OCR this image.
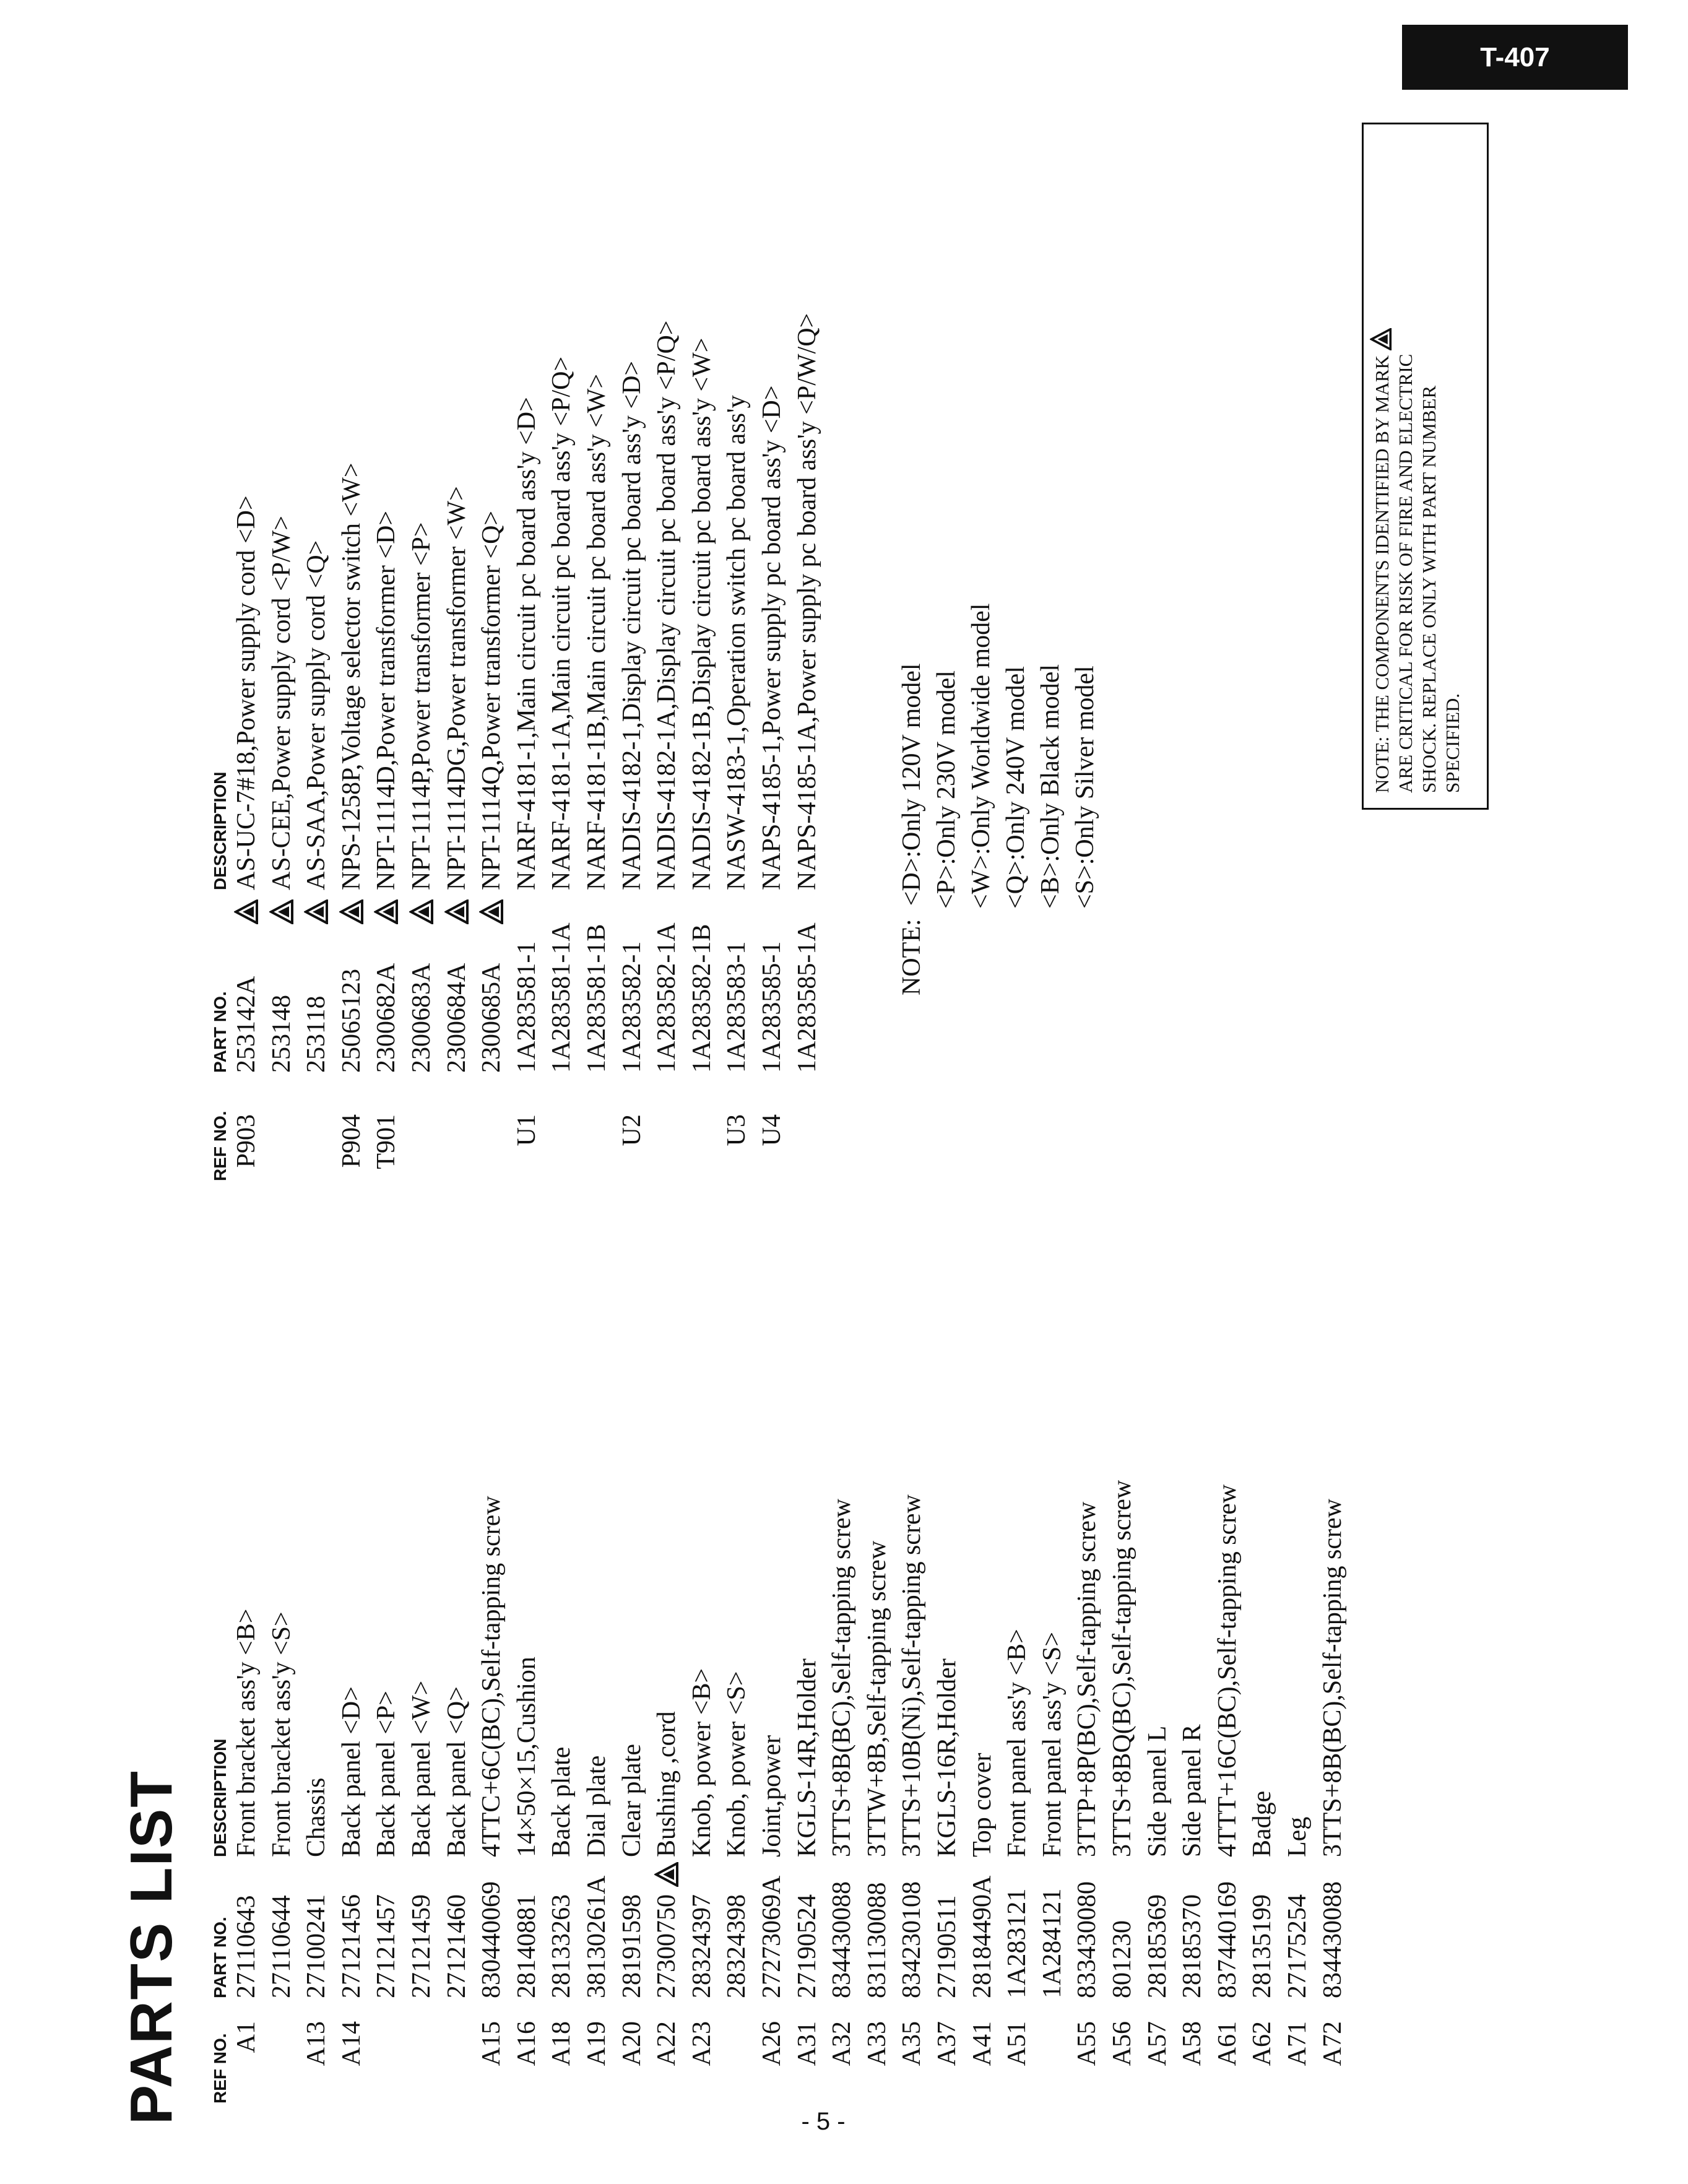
T-407
- 5 -
PARTS LIST REF NO.
PART NO.
DESCRIPTION
REF NO.
PART NO.
DESCRIPTION
A1
27110643
Front bracket ass'y <B>
27110644
Front bracket ass'y <S>
A13
27100241
Chassis
A14
27121456
Back panel <D>
27121457
Back panel <P>
27121459
Back panel <W>
27121460
Back panel <Q>
A15
830440069
4TTC+6C(BC),Self-tapping screw
A16
28140881
14×50×15,Cushion
A18
28133263
Back plate
A19
38130261A
Dial plate
A20
28191598
Clear plate
A22
27300750
Bushing ,cord
A23
28324397
Knob, power <B>
28324398
Knob, power <S>
A26
27273069A
Joint,power
A31
27190524
KGLS-14R,Holder
A32
834430088
3TTS+8B(BC),Self-tapping screw
A33
831130088
3TTW+8B,Self-tapping screw
A35
834230108
3TTS+10B(Ni),Self-tapping screw
A37
27190511
KGLS-16R,Holder
A41
28184490A
Top cover
A51
1A283121
Front panel ass'y <B>
1A284121
Front panel ass'y <S>
A55
833430080
3TTP+8P(BC),Self-tapping screw
A56
801230
3TTS+8BQ(BC),Self-tapping screw
A57
28185369
Side panel L
A58
28185370
Side panel R
A61
837440169
4TTT+16C(BC),Self-tapping screw
A62
28135199
Badge
A71
27175254
Leg
A72
834430088
3TTS+8B(BC),Self-tapping screw
P903
253142A
AS-UC-7#18,Power supply cord <D>
253148
AS-CEE,Power supply cord <P/W>
253118
AS-SAA,Power supply cord <Q>
P904
25065123
NPS-1258P,Voltage selector switch <W>
T901
2300682A
NPT-1114D,Power transformer <D>
2300683A
NPT-1114P,Power transformer <P>
2300684A
NPT-1114DG,Power transformer <W>
2300685A
NPT-1114Q,Power transformer <Q>
U1
1A283581-1
NARF-4181-1,Main circuit pc board ass'y <D>
1A283581-1A
NARF-4181-1A,Main circuit pc board ass'y <P/Q>
1A283581-1B
NARF-4181-1B,Main circuit pc board ass'y <W>
U2
1A283582-1
NADIS-4182-1,Display circuit pc board ass'y <D>
1A283582-1A
NADIS-4182-1A,Display circuit pc board ass'y <P/Q>
1A283582-1B
NADIS-4182-1B,Display circuit pc board ass'y <W>
U3
1A283583-1
NASW-4183-1,Operation switch pc board ass'y
U4
1A283585-1
NAPS-4185-1,Power supply pc board ass'y <D>
1A283585-1A
NAPS-4185-1A,Power supply pc board ass'y <P/W/Q>
NOTE:  <D>:Only 120V model <P>:Only 230V model <W>:Only Worldwide model <Q>:Only 240V model <B>:Only Black model <S>:Only Silver model	NOTE: THE COMPONENTS IDENTIFIED BY MARK ARE CRITICAL FOR RISK OF FIRE AND ELECTRIC SHOCK. REPLACE ONLY WITH PART NUMBER SPECIFIED.
